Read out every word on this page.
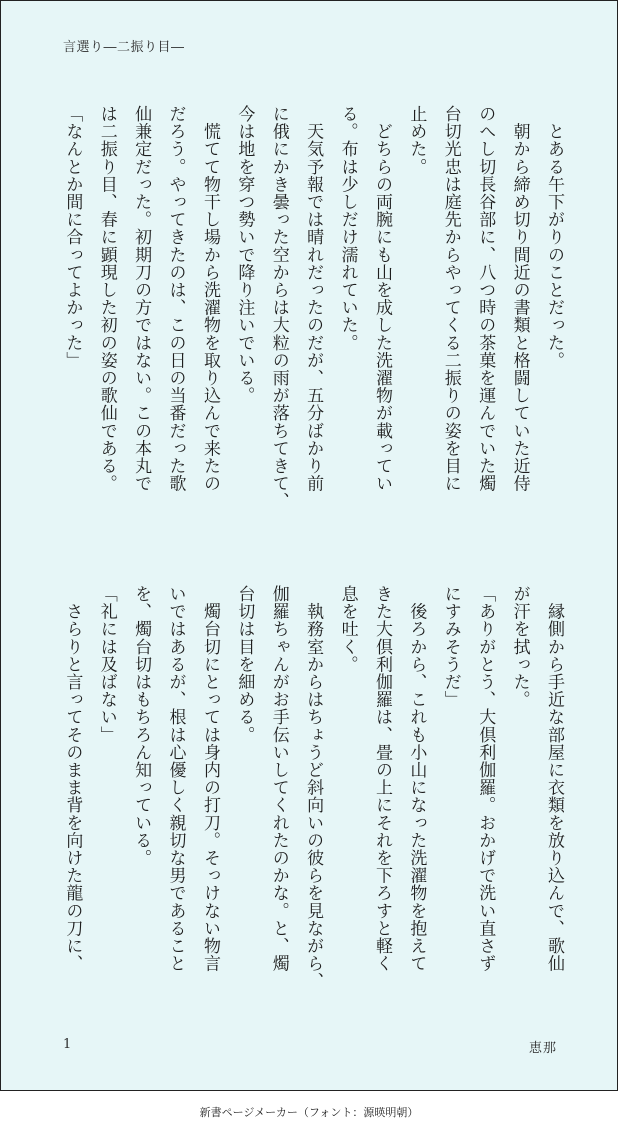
言選り―二振り目―

　とある午下がりのことだった。
　朝から締め切り間近の書類と格闘していた近侍
のへし切長谷部に、八つ時の茶菓を運んでいた燭
台切光忠は庭先からやってくる二振りの姿を目に
止めた。
　どちらの両腕にも山を成した洗濯物が載ってい
る。布は少しだけ濡れていた。
　天気予報では晴れだったのだが、五分ばかり前
に俄にかき曇った空からは大粒の雨が落ちてきて、
今は地を穿つ勢いで降り注いでいる。
　慌てて物干し場から洗濯物を取り込んで来たの
だろう。やってきたのは、この日の当番だった歌
仙兼定だった。初期刀の方ではない。この本丸で
は二振り目、春に顕現した初の姿の歌仙である。
「なんとか間に合ってよかった」

　縁側から手近な部屋に衣類を放り込んで、歌仙
が汗を拭った。
「ありがとう、大倶利伽羅。おかげで洗い直さず
にすみそうだ」
　後ろから、これも小山になった洗濯物を抱えて
きた大倶利伽羅は、畳の上にそれを下ろすと軽く
息を吐く。
　執務室からはちょうど斜向いの彼らを見ながら、
伽羅ちゃんがお手伝いしてくれたのかな。と、燭
台切は目を細める。
　燭台切にとっては身内の打刀。そっけない物言
いではあるが、根は心優しく親切な男であること
を、燭台切はもちろん知っている。
「礼には及ばない」
　さらりと言ってそのまま背を向けた龍の刀に、

1	恵那
新書ページメーカー（フォント：源暎明朝）
